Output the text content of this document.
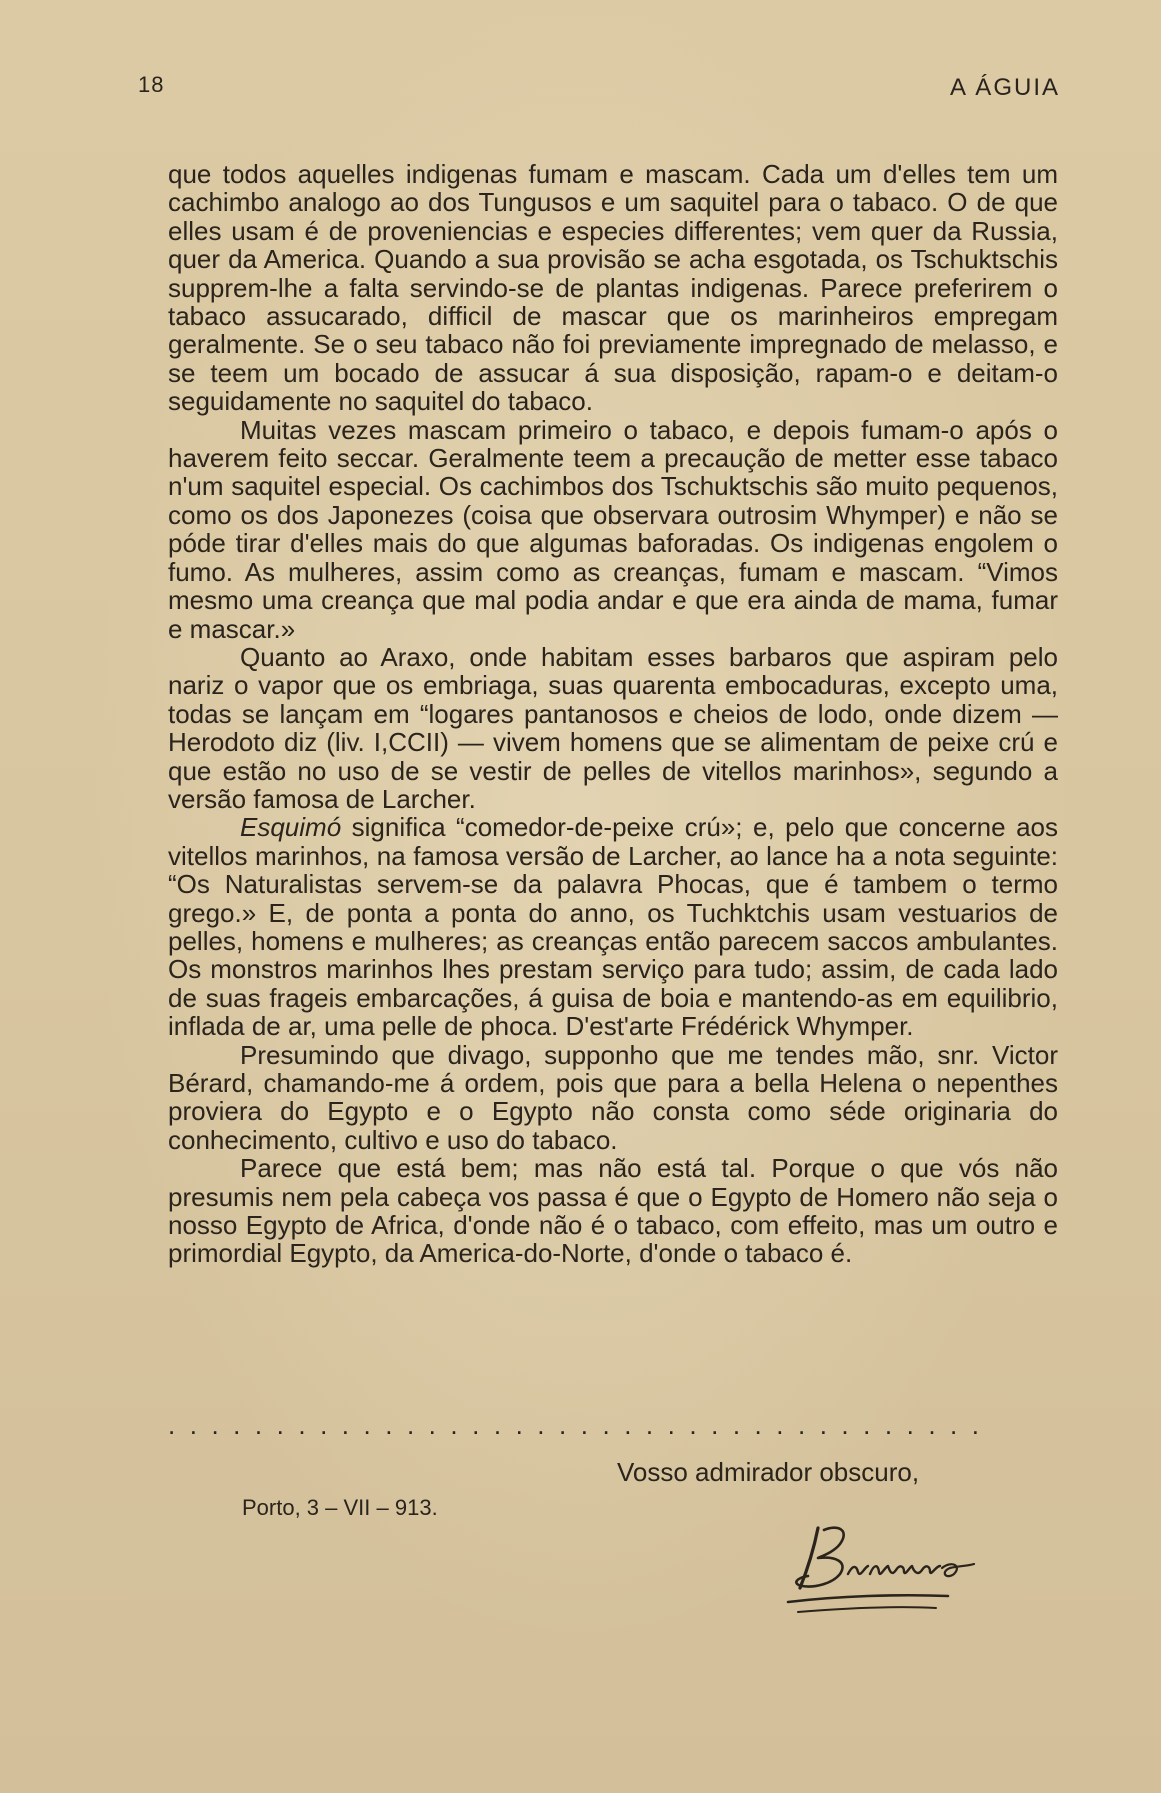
18	A ÁGUIA

que todos aquelles indigenas fumam e mascam. Cada um d'elles tem um cachimbo analogo ao dos Tungusos e um saquitel para o tabaco. O de que elles usam é de proveniencias e especies differentes; vem quer da Russia, quer da America. Quando a sua provisão se acha esgotada, os Tschuktschis supprem-lhe a falta servindo-se de plantas indigenas. Parece preferirem o tabaco assucarado, difficil de mascar que os marinheiros empregam geralmente. Se o seu tabaco não foi previamente impregnado de melasso, e se teem um bocado de assucar á sua disposição, rapam-o e deitam-o seguidamente no saquitel do tabaco.

Muitas vezes mascam primeiro o tabaco, e depois fumam-o após o haverem feito seccar. Geralmente teem a precaução de metter esse tabaco n'um saquitel especial. Os cachimbos dos Tschuktschis são muito pequenos, como os dos Japonezes (coisa que observara outrosim Whymper) e não se póde tirar d'elles mais do que algumas baforadas. Os indigenas engolem o fumo. As mulheres, assim como as creanças, fumam e mascam. “Vimos mesmo uma creança que mal podia andar e que era ainda de mama, fumar e mascar.»

Quanto ao Araxo, onde habitam esses barbaros que aspiram pelo nariz o vapor que os embriaga, suas quarenta embocaduras, excepto uma, todas se lançam em “logares pantanosos e cheios de lodo, onde dizem — Herodoto diz (liv. I,CCII) — vivem homens que se alimentam de peixe crú e que estão no uso de se vestir de pelles de vitellos marinhos», segundo a versão famosa de Larcher.

Esquimó significa “comedor-de-peixe crú»; e, pelo que concerne aos vitellos marinhos, na famosa versão de Larcher, ao lance ha a nota seguinte: “Os Naturalistas servem-se da palavra Phocas, que é tambem o termo grego.» E, de ponta a ponta do anno, os Tuchktchis usam vestuarios de pelles, homens e mulheres; as creanças então parecem saccos ambulantes. Os monstros marinhos lhes prestam serviço para tudo; assim, de cada lado de suas frageis embarcações, á guisa de boia e mantendo-as em equilibrio, inflada de ar, uma pelle de phoca. D'est'arte Frédérick Whymper.

Presumindo que divago, supponho que me tendes mão, snr. Victor Bérard, chamando-me á ordem, pois que para a bella Helena o nepenthes proviera do Egypto e o Egypto não consta como séde originaria do conhecimento, cultivo e uso do tabaco.

Parece que está bem; mas não está tal. Porque o que vós não presumis nem pela cabeça vos passa é que o Egypto de Homero não seja o nosso Egypto de Africa, d'onde não é o tabaco, com effeito, mas um outro e primordial Egypto, da America-do-Norte, d'onde o tabaco é.

......................................
Vosso admirador obscuro,
Porto, 3 – VII – 913.
